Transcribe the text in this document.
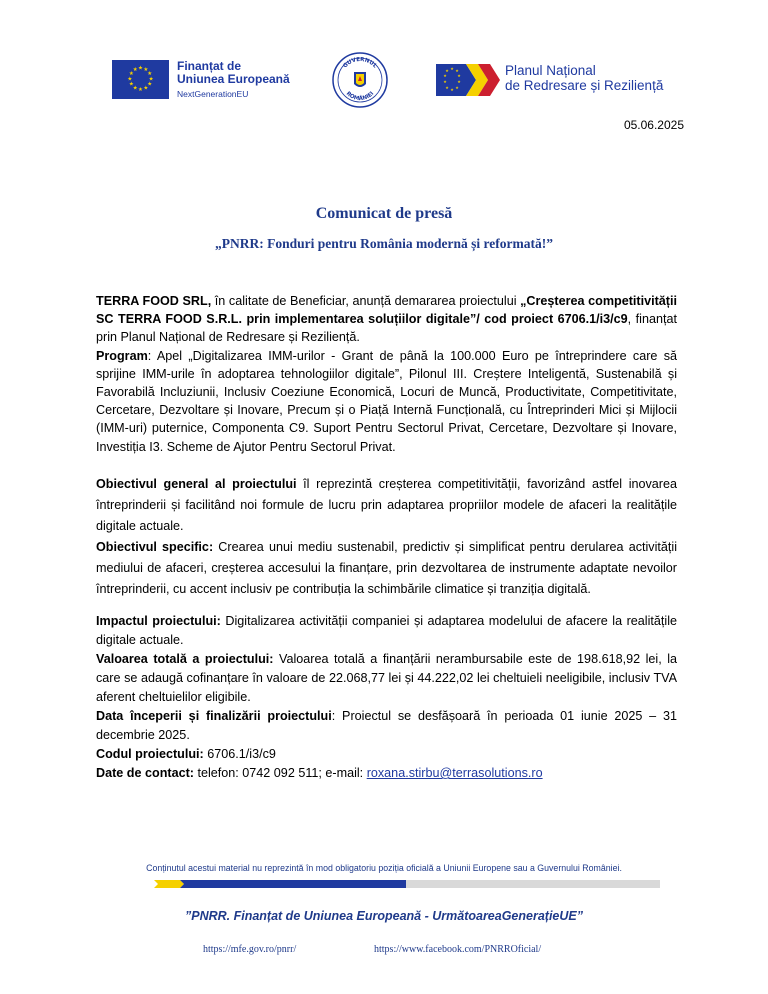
★ ★
★
★
★
★
★
★
★
★
★
★	Finanțat de
Uniunea Europeană
NextGenerationEU
GUVERNUL
ROMÂNIEI
★ ★
★
★
★
★
★
★
★
★	Planul Național
de Redresare și Reziliență
05.06.2025
Comunicat de presă
„PNRR: Fonduri pentru România modernă și reformată!”

TERRA FOOD SRL, în calitate de Beneficiar, anunță demararea proiectului „Creșterea competitivității SC TERRA FOOD S.R.L. prin implementarea soluțiilor digitale”/ cod proiect 6706.1/i3/c9, finanțat prin Planul Național de Redresare și Reziliență.

Program: Apel „Digitalizarea IMM-urilor - Grant de până la 100.000 Euro pe întreprindere care să sprijine IMM-urile în adoptarea tehnologiilor digitale”, Pilonul III. Creștere Inteligentă, Sustenabilă și Favorabilă Incluziunii, Inclusiv Coeziune Economică, Locuri de Muncă, Productivitate, Competitivitate, Cercetare, Dezvoltare și Inovare, Precum și o Piață Internă Funcțională, cu Întreprinderi Mici și Mijlocii (IMM-uri) puternice, Componenta C9. Suport Pentru Sectorul Privat, Cercetare, Dezvoltare și Inovare, Investiția I3. Scheme de Ajutor Pentru Sectorul Privat.

Obiectivul general al proiectului îl reprezintă creșterea competitivității, favorizând astfel inovarea întreprinderii și facilitând noi formule de lucru prin adaptarea propriilor modele de afaceri la realitățile digitale actuale.

Obiectivul specific: Crearea unui mediu sustenabil, predictiv și simplificat pentru derularea activității mediului de afaceri, creșterea accesului la finanțare, prin dezvoltarea de instrumente adaptate nevoilor întreprinderii, cu accent inclusiv pe contribuția la schimbările climatice și tranziția digitală.

Impactul proiectului: Digitalizarea activității companiei și adaptarea modelului de afacere la realitățile digitale actuale.

Valoarea totală a proiectului: Valoarea totală a finanțării nerambursabile este de 198.618,92 lei, la care se adaugă cofinanțare în valoare de 22.068,77 lei și 44.222,02 lei cheltuieli neeligibile, inclusiv TVA aferent cheltuielilor eligibile.

Data începerii și finalizării proiectului: Proiectul se desfășoară în perioada 01 iunie 2025 – 31 decembrie 2025.

Codul proiectului: 6706.1/i3/c9

Date de contact: telefon: 0742 092 511; e-mail: roxana.stirbu@terrasolutions.ro

Conținutul acestui material nu reprezintă în mod obligatoriu poziția oficială a Uniunii Europene sau a Guvernului României.
”PNRR. Finanțat de Uniunea Europeană - UrmătoareaGenerațieUE”
https://mfe.gov.ro/pnrr/	https://www.facebook.com/PNRROficial/
